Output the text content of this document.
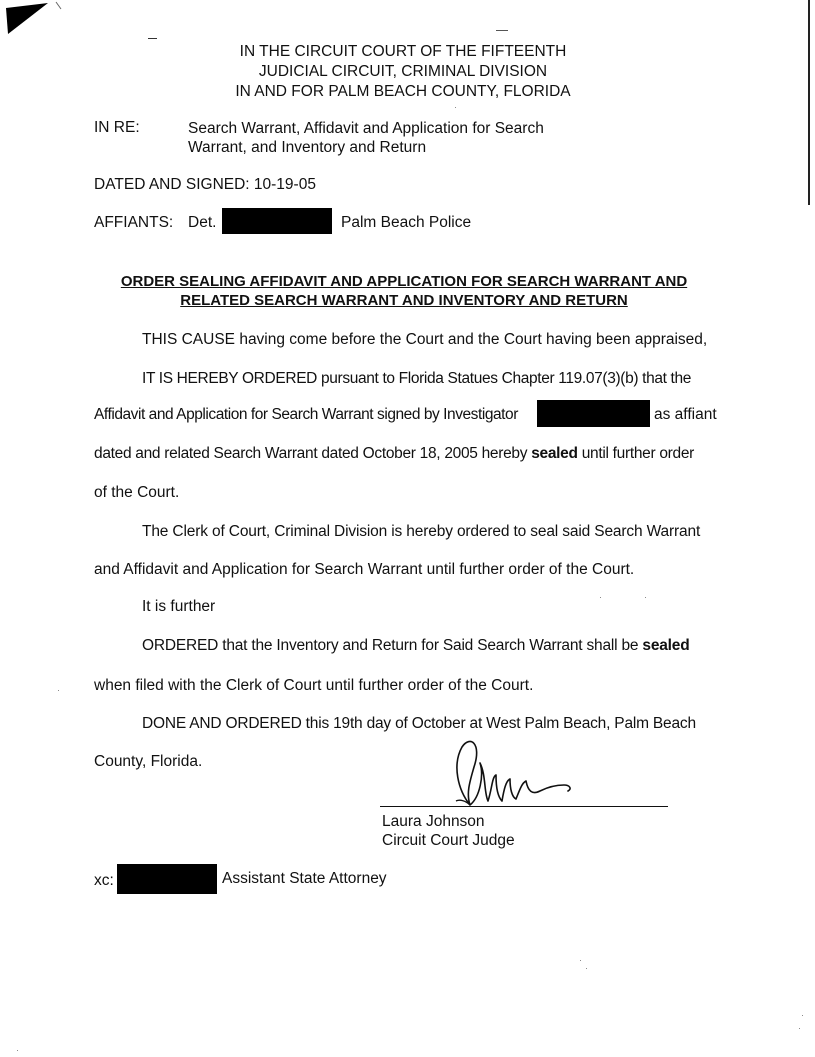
IN THE CIRCUIT COURT OF THE FIFTEENTH
JUDICIAL CIRCUIT, CRIMINAL DIVISION
IN AND FOR PALM BEACH COUNTY, FLORIDA
IN RE:	Search Warrant, Affidavit and Application for Search
Warrant, and Inventory and Return
DATED AND SIGNED: 10-19-05
AFFIANTS: Det.	Palm Beach Police
ORDER SEALING AFFIDAVIT AND APPLICATION FOR SEARCH WARRANT AND
RELATED SEARCH WARRANT AND INVENTORY AND RETURN
THIS CAUSE having come before the Court and the Court having been appraised,
IT IS HEREBY ORDERED pursuant to Florida Statues Chapter 119.07(3)(b) that the
Affidavit and Application for Search Warrant signed by Investigator	as affiant
dated and related Search Warrant dated October 18, 2005 hereby sealed until further order
of the Court.
The Clerk of Court, Criminal Division is hereby ordered to seal said Search Warrant
and Affidavit and Application for Search Warrant until further order of the Court.
It is further
ORDERED that the Inventory and Return for Said Search Warrant shall be sealed
when filed with the Clerk of Court until further order of the Court.
DONE AND ORDERED this 19th day of October at West Palm Beach, Palm Beach
County, Florida.
Laura Johnson
Circuit Court Judge
xc:	Assistant State Attorney
